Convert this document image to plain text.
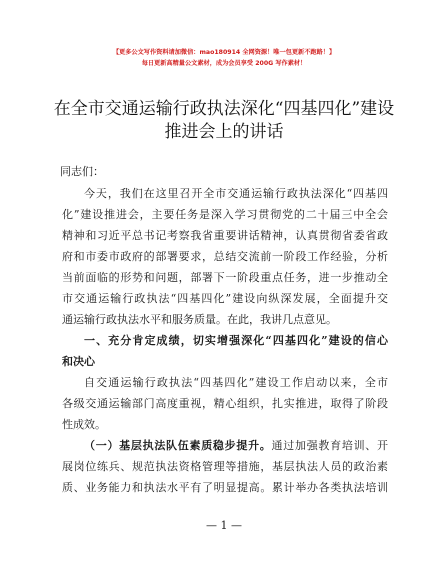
【更多公文写作资料请加微信：mao180914 全网资源！唯一包更新不跑路！】
每日更新高精量公文素材，成为会员享受 200G 写作素材！
在全市交通运输行政执法深化“四基四化”建设
推进会上的讲话
同志们：
今天，我们在这里召开全市交通运输行政执法深化“四基四
化”建设推进会，主要任务是深入学习贯彻党的二十届三中全会
精神和习近平总书记考察我省重要讲话精神，认真贯彻省委省政
府和市委市政府的部署要求，总结交流前一阶段工作经验，分析
当前面临的形势和问题，部署下一阶段重点任务，进一步推动全
市交通运输行政执法“四基四化”建设向纵深发展，全面提升交
通运输行政执法水平和服务质量。在此，我讲几点意见。
一、充分肯定成绩，切实增强深化“四基四化”建设的信心
和决心
自交通运输行政执法“四基四化”建设工作启动以来，全市
各级交通运输部门高度重视，精心组织，扎实推进，取得了阶段
性成效。
（一）基层执法队伍素质稳步提升。通过加强教育培训、开
展岗位练兵、规范执法资格管理等措施，基层执法人员的政治素
质、业务能力和执法水平有了明显提高。累计举办各类执法培训
— 1 —
